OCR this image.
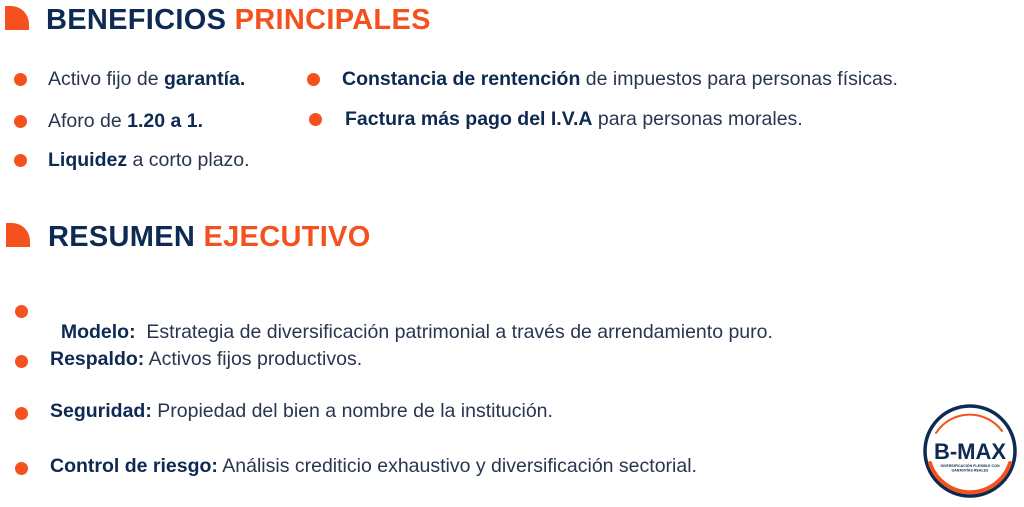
BENEFICIOS PRINCIPALES
Activo fijo de garantía.
Aforo de 1.20 a 1.
Liquidez a corto plazo.
Constancia de rentención de impuestos para personas físicas.
Factura más pago del I.V.A para personas morales.
RESUMEN EJECUTIVO

Modelo:  Estrategia de diversificación patrimonial a través de arrendamiento puro.

Respaldo: Activos fijos productivos.
Seguridad: Propiedad del bien a nombre de la institución.
Control de riesgo: Análisis crediticio exhaustivo y diversificación sectorial.
B-MAX
DIVERSIFICACIÓN FLEXIBLE CON
GARANTÍAS REALES
